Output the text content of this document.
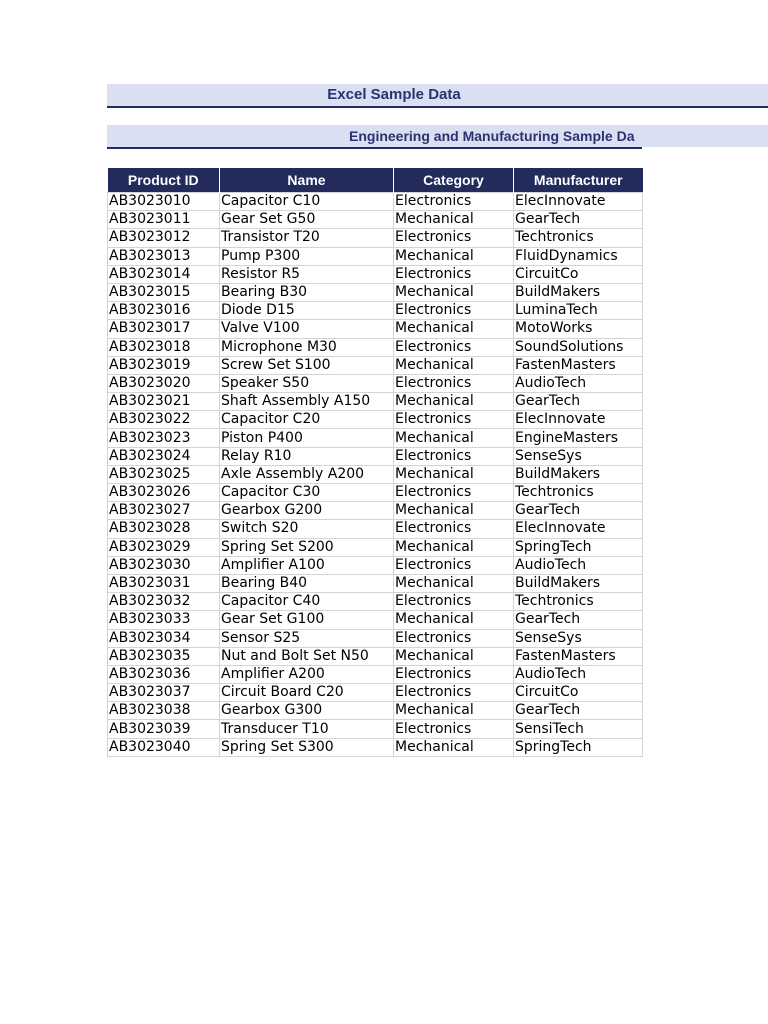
Excel Sample Data
Engineering and Manufacturing Sample Da
Product ID	Name	Category	Manufacturer
AB3023010	Capacitor C10	Electronics	ElecInnovate
AB3023011	Gear Set G50	Mechanical	GearTech
AB3023012	Transistor T20	Electronics	Techtronics
AB3023013	Pump P300	Mechanical	FluidDynamics
AB3023014	Resistor R5	Electronics	CircuitCo
AB3023015	Bearing B30	Mechanical	BuildMakers
AB3023016	Diode D15	Electronics	LuminaTech
AB3023017	Valve V100	Mechanical	MotoWorks
AB3023018	Microphone M30	Electronics	SoundSolutions
AB3023019	Screw Set S100	Mechanical	FastenMasters
AB3023020	Speaker S50	Electronics	AudioTech
AB3023021	Shaft Assembly A150	Mechanical	GearTech
AB3023022	Capacitor C20	Electronics	ElecInnovate
AB3023023	Piston P400	Mechanical	EngineMasters
AB3023024	Relay R10	Electronics	SenseSys
AB3023025	Axle Assembly A200	Mechanical	BuildMakers
AB3023026	Capacitor C30	Electronics	Techtronics
AB3023027	Gearbox G200	Mechanical	GearTech
AB3023028	Switch S20	Electronics	ElecInnovate
AB3023029	Spring Set S200	Mechanical	SpringTech
AB3023030	Amplifier A100	Electronics	AudioTech
AB3023031	Bearing B40	Mechanical	BuildMakers
AB3023032	Capacitor C40	Electronics	Techtronics
AB3023033	Gear Set G100	Mechanical	GearTech
AB3023034	Sensor S25	Electronics	SenseSys
AB3023035	Nut and Bolt Set N50	Mechanical	FastenMasters
AB3023036	Amplifier A200	Electronics	AudioTech
AB3023037	Circuit Board C20	Electronics	CircuitCo
AB3023038	Gearbox G300	Mechanical	GearTech
AB3023039	Transducer T10	Electronics	SensiTech
AB3023040	Spring Set S300	Mechanical	SpringTech
